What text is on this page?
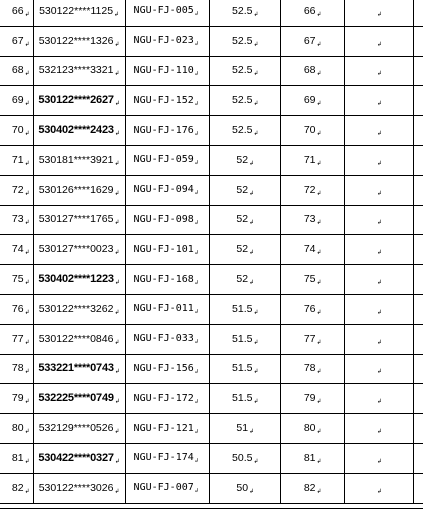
66↲	530122****1125↲	NGU-$FJ-005_↲$	52.5↲	66↲	↲	
67↲	530122****1326↲	NGU-$FJ-023_↲$	52.5↲	67↲	↲	
68↲	532123****3321↲	NGU-$FJ-110_↲$	52.5↲	68↲	↲	
69↲	530122****2627↲	NGU-$FJ-152_↲$	52.5↲	69↲	↲	
70↲	530402****2423↲	NGU-$FJ-176_↲$	52.5↲	70↲	↲	
71↲	530181****3921↲	NGU-$FJ-059_↲$	52↲	71↲	↲	
72↲	530126****1629↲	NGU-$FJ-094_↲$	52↲	72↲	↲	
73↲	530127****1765↲	NGU-$FJ-098_↲$	52↲	73↲	↲	
74↲	530127****0023↲	NGU-$FJ-101_↲$	52↲	74↲	↲	
75↲	530402****1223↲	NGU-$FJ-168_↲$	52↲	75↲	↲	
76↲	530122****3262↲	NGU-$FJ-011_↲$	51.5↲	76↲	↲	
77↲	530122****0846↲	NGU-$FJ-033_↲$	51.5↲	77↲	↲	
78↲	533221****0743↲	NGU-$FJ-156_↲$	51.5↲	78↲	↲	
79↲	532225****0749↲	NGU-$FJ-172_↲$	51.5↲	79↲	↲	
80↲	532129****0526↲	NGU-$FJ-121_↲$	51↲	80↲	↲	
81↲	530422****0327↲	NGU-$FJ-174_↲$	50.5↲	81↲	↲	
82↲	530122****3026↲	NGU-$FJ-007_↲$	50↲	82↲	↲	
